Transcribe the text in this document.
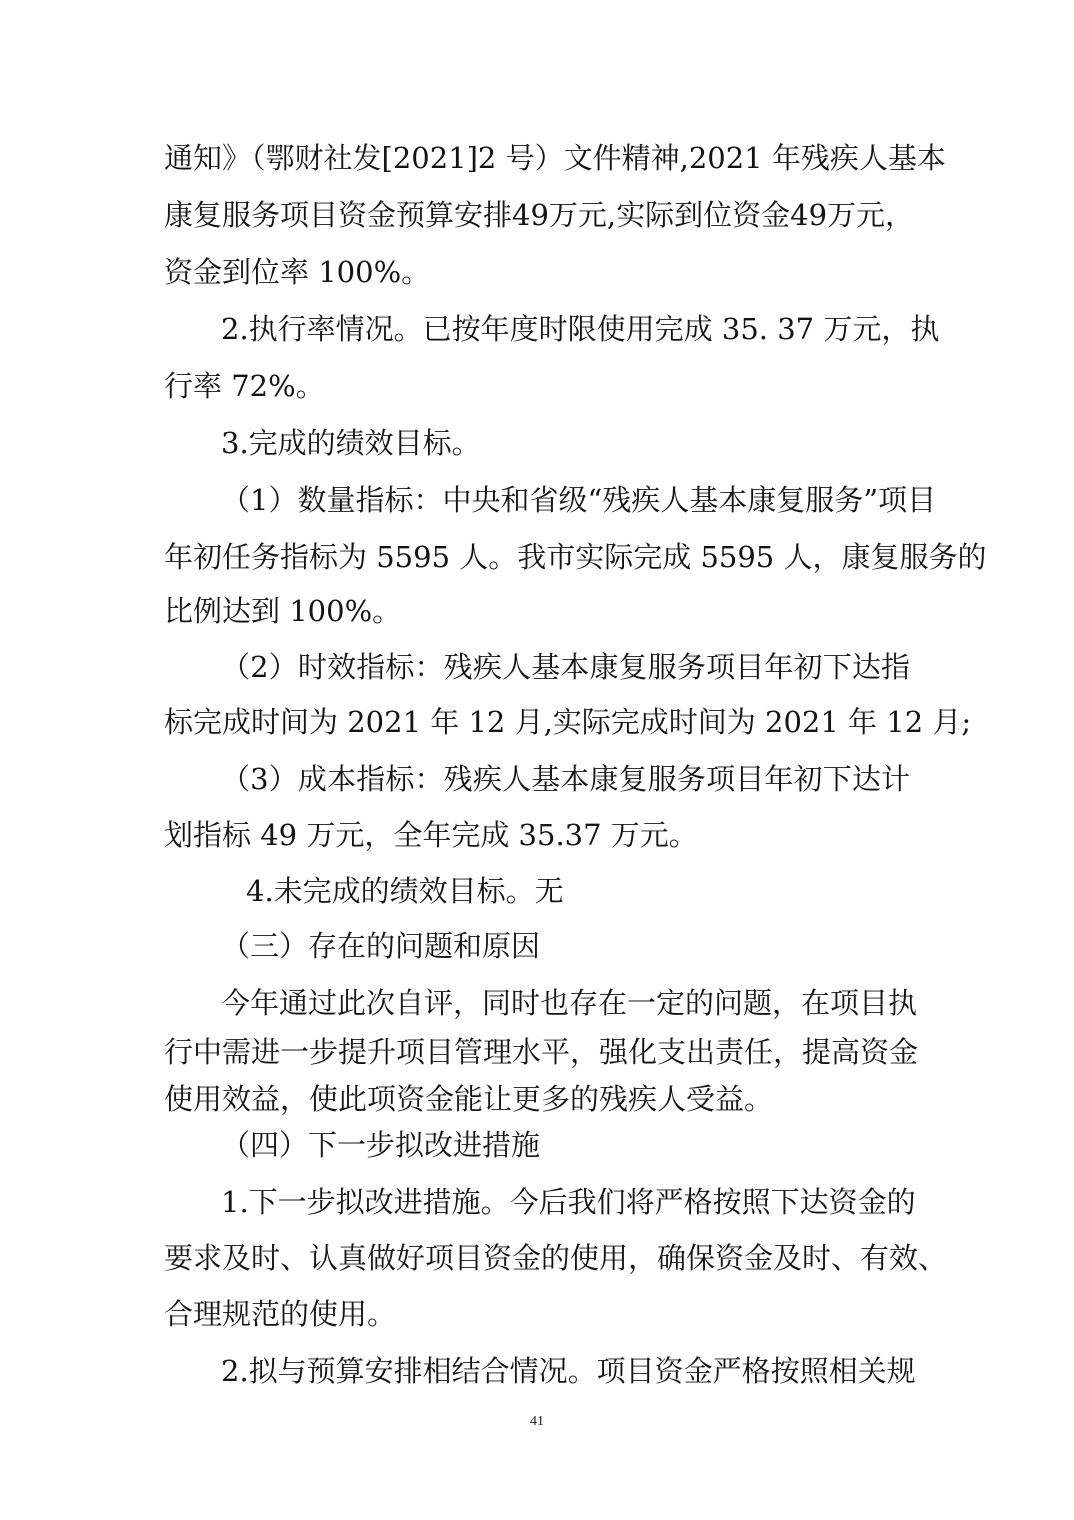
通知》（鄂财社发[2021]2 号）文件精神,2021 年残疾人基本
康复服务项目资金预算安排49万元,实际到位资金49万元，
资金到位率 100%。
2.执行率情况。已按年度时限使用完成 35. 37 万元，执
行率 72%。
3.完成的绩效目标。
（1）数量指标：中央和省级“残疾人基本康复服务”项目
年初任务指标为 5595 人。我市实际完成 5595 人，康复服务的
比例达到 100%。
（2）时效指标：残疾人基本康复服务项目年初下达指
标完成时间为 2021 年 12 月,实际完成时间为 2021 年 12 月;
（3）成本指标：残疾人基本康复服务项目年初下达计
划指标 49 万元，全年完成 35.37 万元。
4.未完成的绩效目标。无
（三）存在的问题和原因
今年通过此次自评，同时也存在一定的问题，在项目执
行中需进一步提升项目管理水平，强化支出责任，提高资金
使用效益，使此项资金能让更多的残疾人受益。
（四）下一步拟改进措施
1.下一步拟改进措施。今后我们将严格按照下达资金的
要求及时、认真做好项目资金的使用，确保资金及时、有效、
合理规范的使用。
2.拟与预算安排相结合情况。项目资金严格按照相关规
41
